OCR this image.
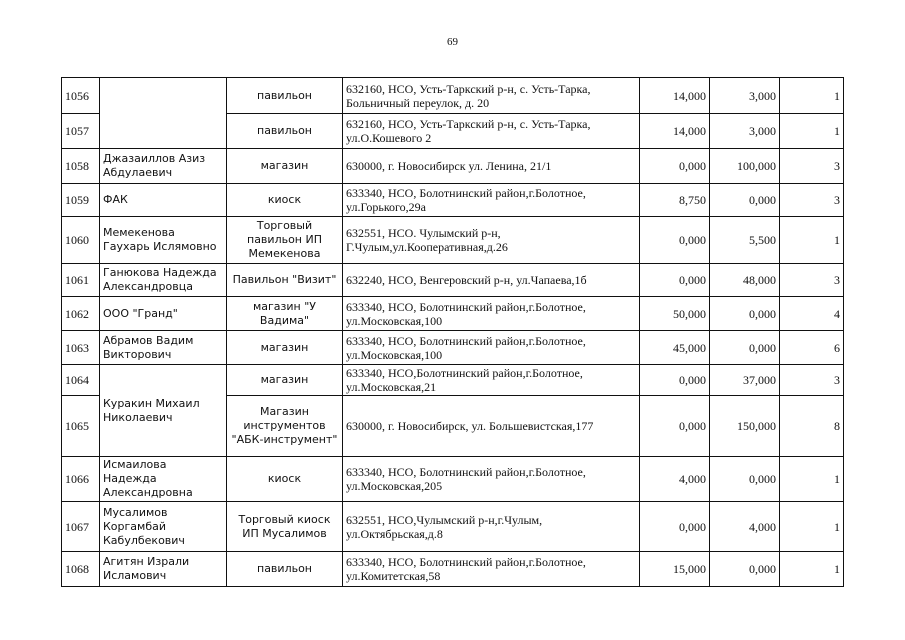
69
1056		павильон	632160, НСО, Усть-Таркский р-н, с. Усть-Тарка, Больничный переулок, д. 20	14,000	3,000	1
1057		павильон	632160, НСО, Усть-Таркский р-н, с. Усть-Тарка, ул.О.Кошевого 2	14,000	3,000	1
1058	Джазаиллов Азиз Абдулаевич	магазин	630000, г. Новосибирск ул. Ленина, 21/1	0,000	100,000	3
1059	ФАК	киоск	633340, НСО, Болотнинский район,г.Болотное, ул.Горького,29а	8,750	0,000	3
1060	Мемекенова Гаухарь Ислямовно	Торговый павильон ИП Мемекенова	632551, НСО. Чулымский р-н, Г.Чулым,ул.Кооперативная,д.26	0,000	5,500	1
1061	Ганюкова Надежда Александровца	Павильон "Визит"	632240, НСО, Венгеровский р-н, ул.Чапаева,1б	0,000	48,000	3
1062	ООО "Гранд"	магазин "У Вадима"	633340, НСО, Болотнинский район,г.Болотное, ул.Московская,100	50,000	0,000	4
1063	Абрамов Вадим Викторович	магазин	633340, НСО, Болотнинский район,г.Болотное, ул.Московская,100	45,000	0,000	6
1064	Куракин Михаил Николаевич	магазин	633340, НСО,Болотнинский район,г.Болотное, ул.Московская,21	0,000	37,000	3
1065		Магазин инструментов "АБК-инструмент"	630000, г. Новосибирск, ул. Большевистская,177	0,000	150,000	8
1066	Исмаилова Надежда Александровна	киоск	633340, НСО, Болотнинский район,г.Болотное, ул.Московская,205	4,000	0,000	1
1067	Мусалимов Коргамбай Кабулбекович	Торговый киоск ИП Мусалимов	632551, НСО,Чулымский р-н,г.Чулым, ул.Октябрьская,д.8	0,000	4,000	1
1068	Агитян Израли Исламович	павильон	633340, НСО, Болотнинский район,г.Болотное, ул.Комитетская,58	15,000	0,000	1
